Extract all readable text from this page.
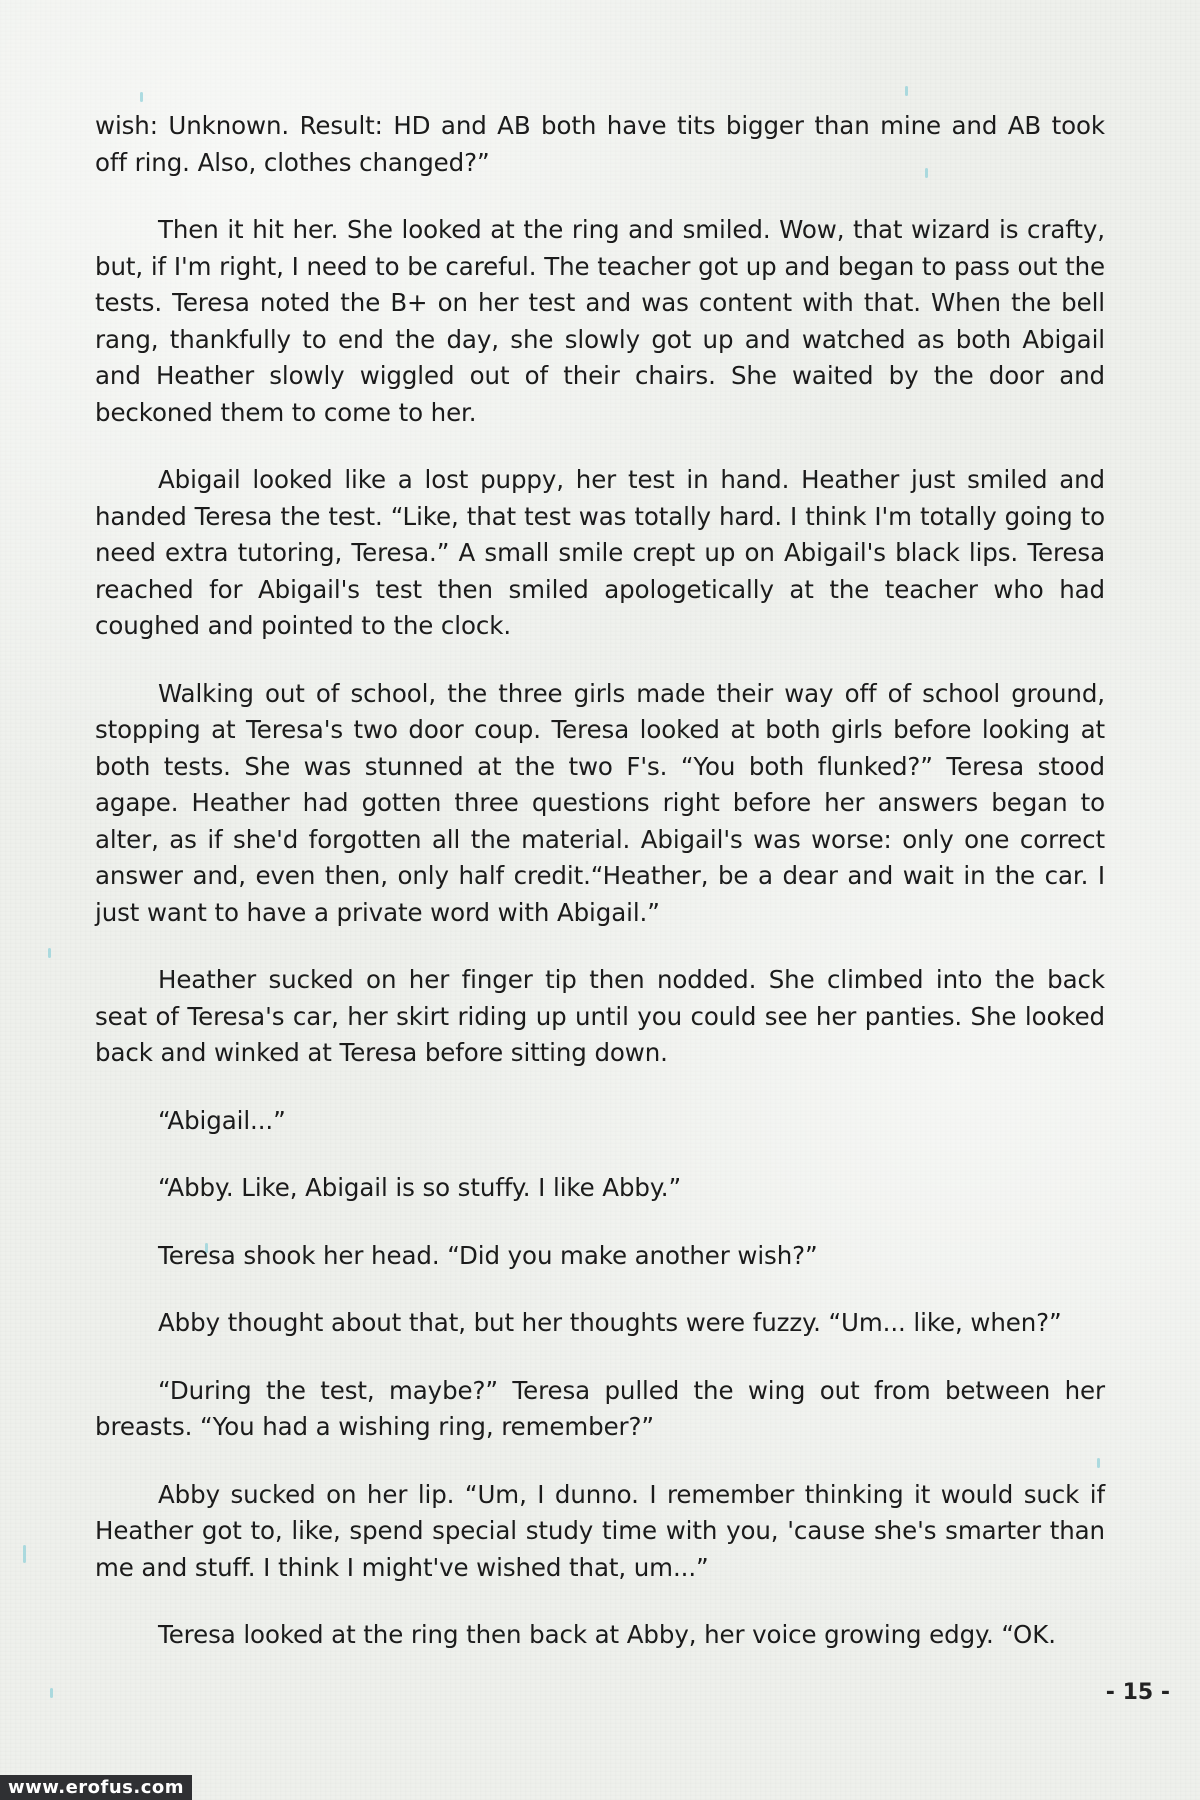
wish: Unknown. Result: HD and AB both have tits bigger than mine and AB took off ring. Also, clothes changed?”

Then it hit her. She looked at the ring and smiled. Wow, that wizard is crafty, but, if I'm right, I need to be careful. The teacher got up and began to pass out the tests. Teresa noted the B+ on her test and was content with that. When the bell rang, thankfully to end the day, she slowly got up and watched as both Abigail and Heather slowly wiggled out of their chairs. She waited by the door and beckoned them to come to her.

Abigail looked like a lost puppy, her test in hand. Heather just smiled and handed Teresa the test. “Like, that test was totally hard. I think I'm totally going to need extra tutoring, Teresa.” A small smile crept up on Abigail's black lips. Teresa reached for Abigail's test then smiled apologetically at the teacher who had coughed and pointed to the clock.

Walking out of school, the three girls made their way off of school ground, stopping at Teresa's two door coup. Teresa looked at both girls before looking at both tests. She was stunned at the two F's. “You both flunked?” Teresa stood agape. Heather had gotten three questions right before her answers began to alter, as if she'd forgotten all the material. Abigail's was worse: only one correct answer and, even then, only half credit.“Heather, be a dear and wait in the car. I just want to have a private word with Abigail.”

Heather sucked on her finger tip then nodded. She climbed into the back seat of Teresa's car, her skirt riding up until you could see her panties. She looked back and winked at Teresa before sitting down.

“Abigail...”

“Abby. Like, Abigail is so stuffy. I like Abby.”

Teresa shook her head. “Did you make another wish?”

Abby thought about that, but her thoughts were fuzzy. “Um... like, when?”

“During the test, maybe?” Teresa pulled the wing out from between her breasts. “You had a wishing ring, remember?”

Abby sucked on her lip. “Um, I dunno. I remember thinking it would suck if Heather got to, like, spend special study time with you, 'cause she's smarter than me and stuff. I think I might've wished that, um...”

Teresa looked at the ring then back at Abby, her voice growing edgy. “OK.

- 15 -
www.erofus.com
